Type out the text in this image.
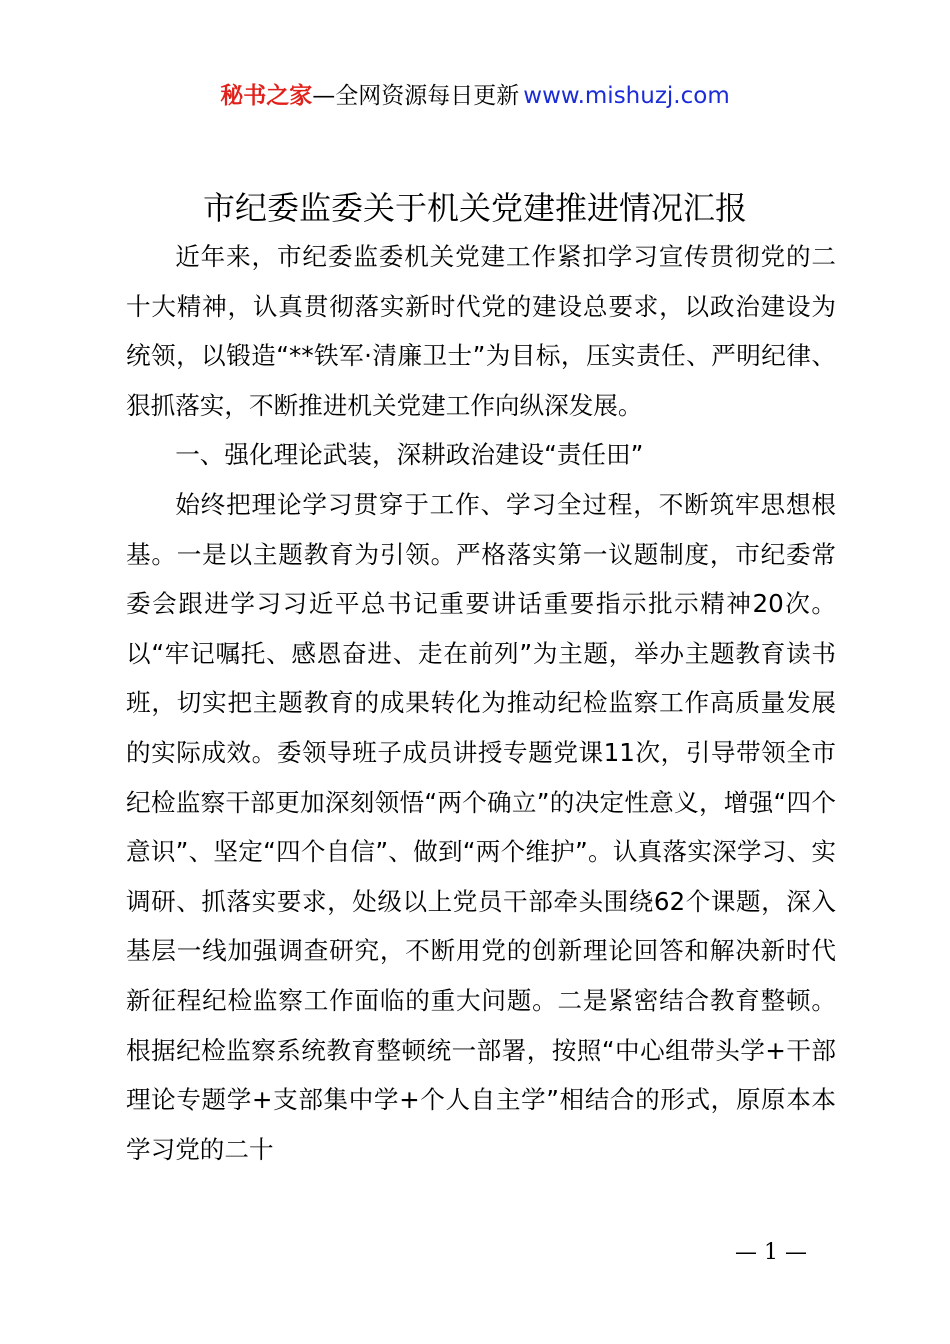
秘书之家—全网资源每日更新 www.mishuzj.com
市纪委监委关于机关党建推进情况汇报

近年来，市纪委监委机关党建工作紧扣学习宣传贯彻党的二十大精神，认真贯彻落实新时代党的建设总要求，以政治建设为统领，以锻造“**铁军·清廉卫士”为目标，压实责任、严明纪律、狠抓落实，不断推进机关党建工作向纵深发展。

一、强化理论武装，深耕政治建设“责任田”

始终把理论学习贯穿于工作、学习全过程，不断筑牢思想根基。一是以主题教育为引领。严格落实第一议题制度，市纪委常委会跟进学习习近平总书记重要讲话重要指示批示精神20次。以“牢记嘱托、感恩奋进、走在前列”为主题，举办主题教育读书班，切实把主题教育的成果转化为推动纪检监察工作高质量发展的实际成效。委领导班子成员讲授专题党课11次，引导带领全市纪检监察干部更加深刻领悟“两个确立”的决定性意义，增强“四个意识”、坚定“四个自信”、做到“两个维护”。认真落实深学习、实调研、抓落实要求，处级以上党员干部牵头围绕62个课题，深入基层一线加强调查研究，不断用党的创新理论回答和解决新时代新征程纪检监察工作面临的重大问题。二是紧密结合教育整顿。根据纪检监察系统教育整顿统一部署，按照“中心组带头学+干部理论专题学+支部集中学+个人自主学”相结合的形式，原原本本学习党的二十

— 1 —
